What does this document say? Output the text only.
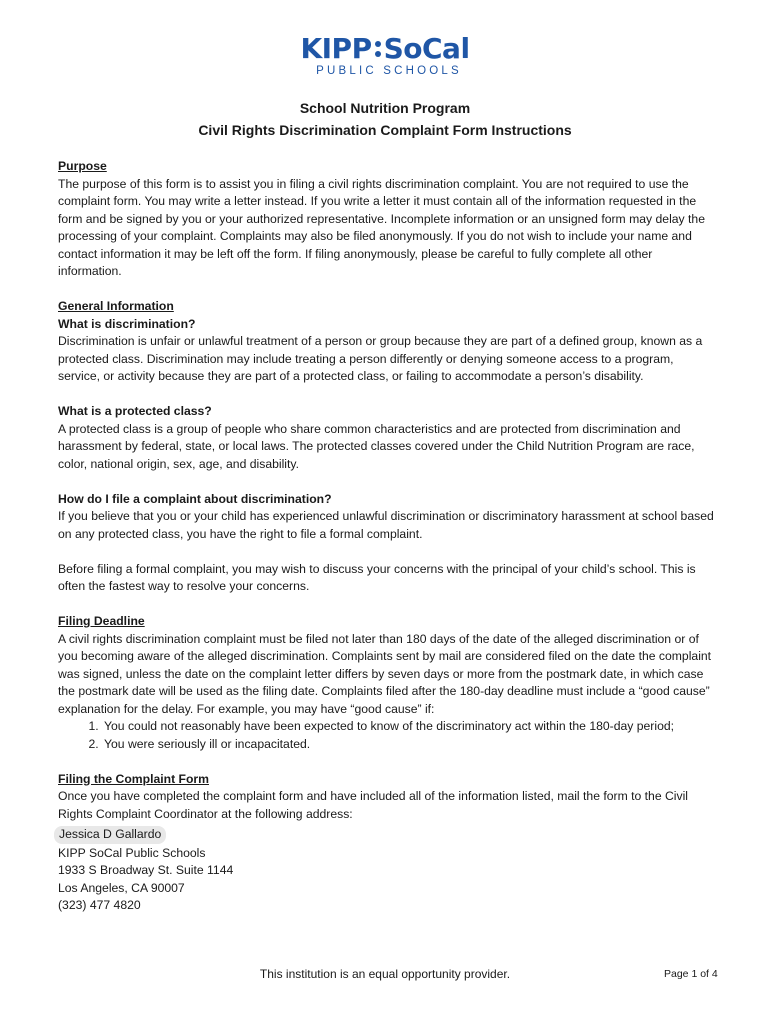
KIPP SoCal
PUBLIC SCHOOLS
School Nutrition Program
Civil Rights Discrimination Complaint Form Instructions

Purpose

The purpose of this form is to assist you in filing a civil rights discrimination complaint. You are not required to use the complaint form. You may write a letter instead. If you write a letter it must contain all of the information requested in the form and be signed by you or your authorized representative. Incomplete information or an unsigned form may delay the processing of your complaint. Complaints may also be filed anonymously. If you do not wish to include your name and contact information it may be left off the form. If filing anonymously, please be careful to fully complete all other information.

General Information

What is discrimination?

Discrimination is unfair or unlawful treatment of a person or group because they are part of a defined group, known as a protected class. Discrimination may include treating a person differently or denying someone access to a program, service, or activity because they are part of a protected class, or failing to accommodate a person’s disability.

What is a protected class?

A protected class is a group of people who share common characteristics and are protected from discrimination and harassment by federal, state, or local laws. The protected classes covered under the Child Nutrition Program are race, color, national origin, sex, age, and disability.

How do I file a complaint about discrimination?

If you believe that you or your child has experienced unlawful discrimination or discriminatory harassment at school based on any protected class, you have the right to file a formal complaint.

Before filing a formal complaint, you may wish to discuss your concerns with the principal of your child’s school. This is often the fastest way to resolve your concerns.

Filing Deadline

A civil rights discrimination complaint must be filed not later than 180 days of the date of the alleged discrimination or of you becoming aware of the alleged discrimination. Complaints sent by mail are considered filed on the date the complaint was signed, unless the date on the complaint letter differs by seven days or more from the postmark date, in which case the postmark date will be used as the filing date. Complaints filed after the 180-day deadline must include a “good cause” explanation for the delay. For example, you may have “good cause” if:

1. You could not reasonably have been expected to know of the discriminatory act within the 180-day period;
2. You were seriously ill or incapacitated.

Filing the Complaint Form

Once you have completed the complaint form and have included all of the information listed, mail the form to the Civil Rights Complaint Coordinator at the following address:

Jessica D Gallardo

KIPP SoCal Public Schools

1933 S Broadway St. Suite 1144

Los Angeles, CA 90007

(323) 477 4820

This institution is an equal opportunity provider.	Page 1 of 4
